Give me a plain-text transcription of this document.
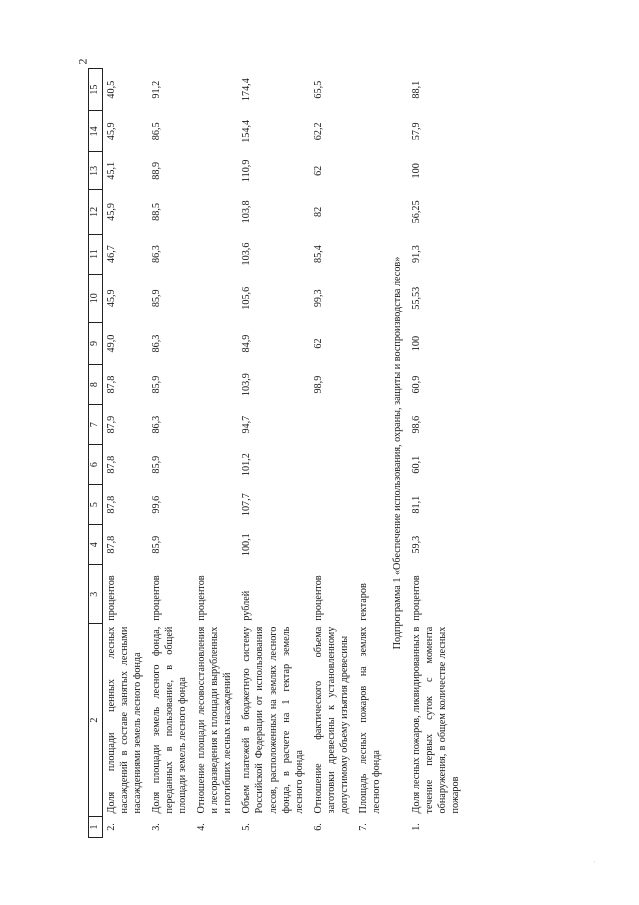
2
1	2	3	4	5	6	7	8	9	10	11	12	13	14	15
2.	Доля площади ценных лесных насаждений в составе занятых лесными насаждениями земель лесного фонда	процентов	87,8	87,8	87,8	87,9	87,8	49,0	45,9	46,7	45,9	45,1	45,9	40,5
3.	Доля площади земель лесного фонда, переданных в пользование, в общей площади земель лесного фонда	процентов	85,9	99,6	85,9	86,3	85,9	86,3	85,9	86,3	88,5	88,9	86,5	91,2
4.	Отношение площади лесовосстановления и лесоразведения к площади вырубленных и погибших лесных насаждений	процентов												
5.	Объем платежей в бюджетную систему Российской Федерации от использования лесов, расположенных на землях лесного фонда, в расчете на 1 гектар земель лесного фонда	рублей	100,1	107,7	101,2	94,7	103,9	84,9	105,6	103,6	103,8	110,9	154,4	174,4
6.	Отношение фактического объема заготовки древесины к установленному допустимому объему изъятия древесины	процентов					98,9	62	99,3	85,4	82	62	62,2	65,5
7.	Площадь лесных пожаров на землях лесного фонда	гектаров												
Подпрограмма 1 «Обеспечение использования, охраны, защиты и воспроизводства лесов»														
1.	Доля лесных пожаров, ликвидированных в течение первых суток с момента обнаружения, в общем количестве лесных пожаров	процентов	59,3	81,1	60,1	98,6	60,9	100	55,53	91,3	56,25	100	57,9	88,1
·
